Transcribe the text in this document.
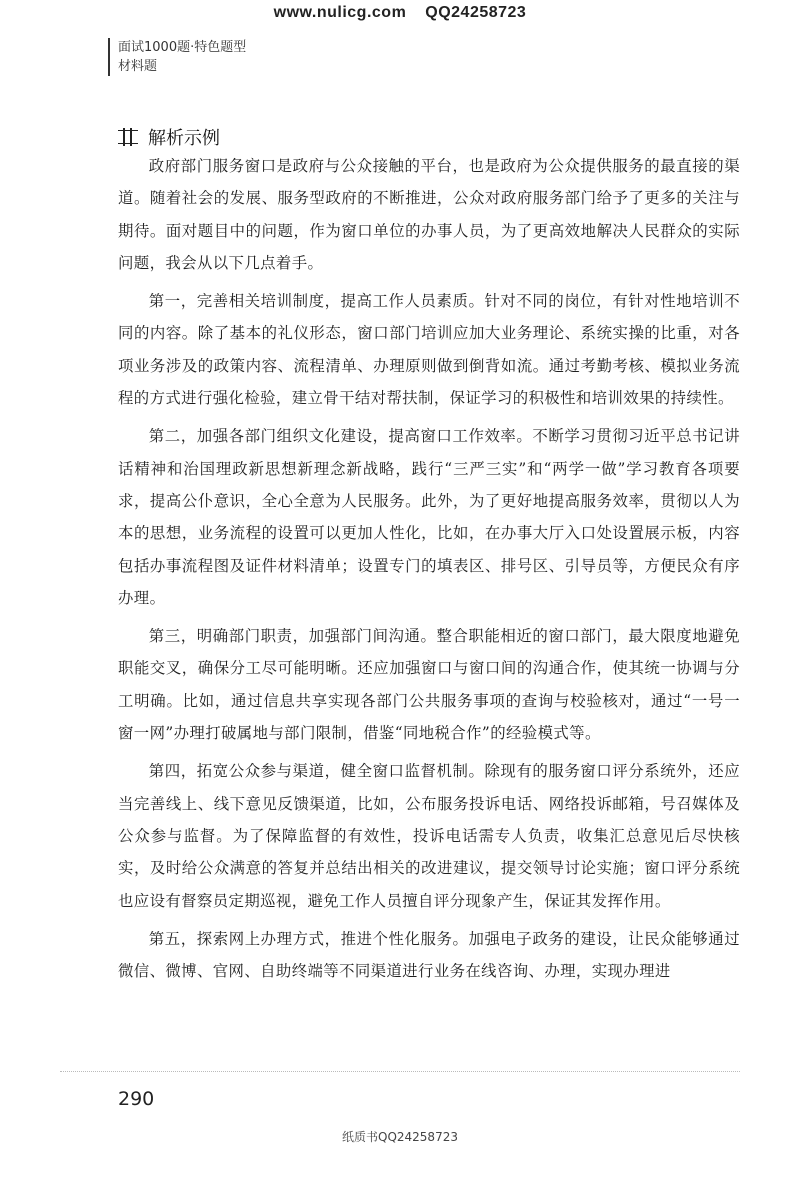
www.nulicg.com QQ24258723
面试1000题·特色题型
材料题
解析示例

政府部门服务窗口是政府与公众接触的平台，也是政府为公众提供服务的最直接的渠道。随着社会的发展、服务型政府的不断推进，公众对政府服务部门给予了更多的关注与期待。面对题目中的问题，作为窗口单位的办事人员，为了更高效地解决人民群众的实际问题，我会从以下几点着手。

第一，完善相关培训制度，提高工作人员素质。针对不同的岗位，有针对性地培训不同的内容。除了基本的礼仪形态，窗口部门培训应加大业务理论、系统实操的比重，对各项业务涉及的政策内容、流程清单、办理原则做到倒背如流。通过考勤考核、模拟业务流程的方式进行强化检验，建立骨干结对帮扶制，保证学习的积极性和培训效果的持续性。

第二，加强各部门组织文化建设，提高窗口工作效率。不断学习贯彻习近平总书记讲话精神和治国理政新思想新理念新战略，践行“三严三实”和“两学一做”学习教育各项要求，提高公仆意识，全心全意为人民服务。此外，为了更好地提高服务效率，贯彻以人为本的思想，业务流程的设置可以更加人性化，比如，在办事大厅入口处设置展示板，内容包括办事流程图及证件材料清单；设置专门的填表区、排号区、引导员等，方便民众有序办理。

第三，明确部门职责，加强部门间沟通。整合职能相近的窗口部门，最大限度地避免职能交叉，确保分工尽可能明晰。还应加强窗口与窗口间的沟通合作，使其统一协调与分工明确。比如，通过信息共享实现各部门公共服务事项的查询与校验核对，通过“一号一窗一网”办理打破属地与部门限制，借鉴“同地税合作”的经验模式等。

第四，拓宽公众参与渠道，健全窗口监督机制。除现有的服务窗口评分系统外，还应当完善线上、线下意见反馈渠道，比如，公布服务投诉电话、网络投诉邮箱，号召媒体及公众参与监督。为了保障监督的有效性，投诉电话需专人负责，收集汇总意见后尽快核实，及时给公众满意的答复并总结出相关的改进建议，提交领导讨论实施；窗口评分系统也应设有督察员定期巡视，避免工作人员擅自评分现象产生，保证其发挥作用。

第五，探索网上办理方式，推进个性化服务。加强电子政务的建设，让民众能够通过微信、微博、官网、自助终端等不同渠道进行业务在线咨询、办理，实现办理进

290
纸质书QQ24258723
